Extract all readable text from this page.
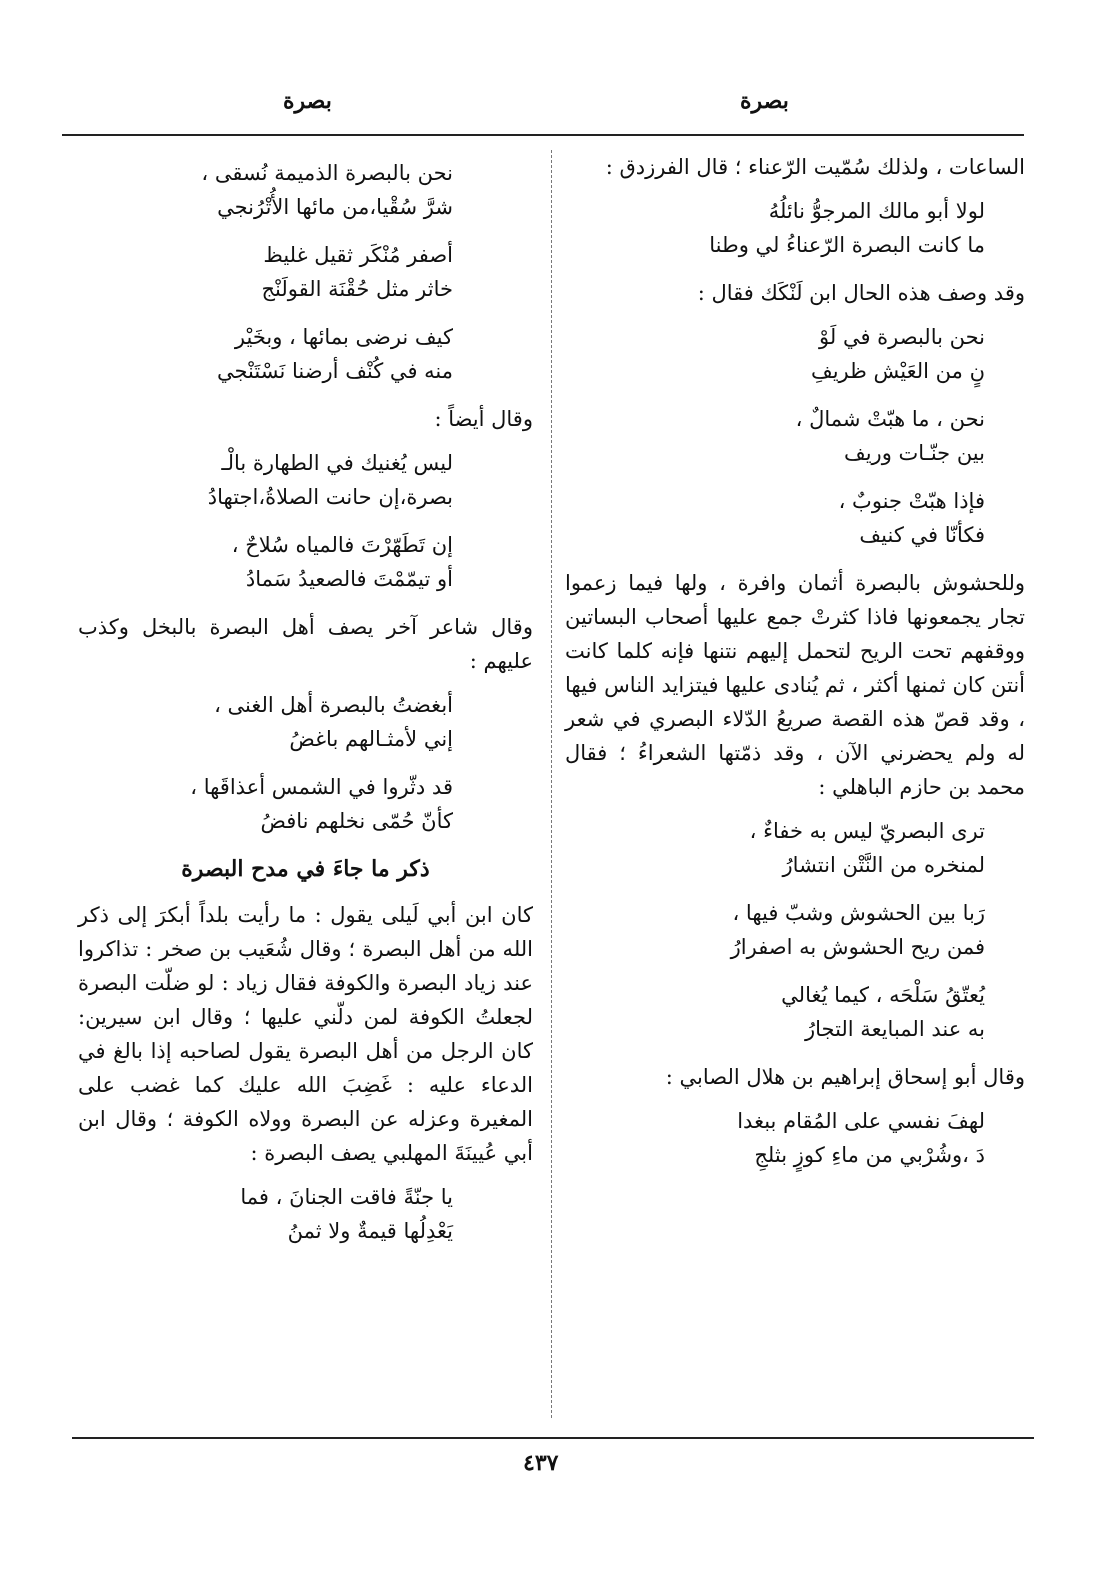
بصرة
بصرة

الساعات ، ولذلك سُمّيت الرّعناء ؛ قال الفرزدق :

لولا أبو مالك المرجوُّ نائلُهُ
ما كانت البصرة الرّعناءُ لي وطنا

وقد وصف هذه الحال ابن لَنْكَك فقال :

نحن بالبصرة في لَوْ
نٍ من العَيْش ظريفِ
نحن ، ما هبّتْ شمالٌ ،
بين جنّـات وريف
فإذا هبّتْ جنوبٌ ،
فكأنّا في كنيف

وللحشوش بالبصرة أثمان وافرة ، ولها فيما زعموا تجار يجمعونها فاذا كثرتْ جمع عليها أصحاب البساتين ووقفهم تحت الريح لتحمل إليهم نتنها فإنه كلما كانت أنتن كان ثمنها أكثر ، ثم يُنادى عليها فيتزايد الناس فيها ، وقد قصّ هذه القصة صريعُ الدّلاء البصري في شعر له ولم يحضرني الآن ، وقد ذمّتها الشعراءُ ؛ فقال محمد بن حازم الباهلي :

ترى البصريّ ليس به خفاءٌ ،
لمنخره من النَّتْن انتشارُ
رَبا بين الحشوش وشبّ فيها ،
فمن ريح الحشوش به اصفرارُ
يُعتّقُ سَلْحَه ، كيما يُغالي
به عند المبايعة التجارُ

وقال أبو إسحاق إبراهيم بن هلال الصابي :

لهفَ نفسي على المُقام ببغدا
دَ ،وشُرْبي من ماءِ كوزٍ بثلجِ
نحن بالبصرة الذميمة نُسقى ،
شرَّ سُقْيا،من مائها الأُتْرُنجي
أصفر مُنْكَر ثقيل غليظ
خاثر مثل حُقْنَة القولَنْج
كيف نرضى بمائها ، وبخَيْر
منه في كُنْف أرضنا نَسْتَنْجي

وقال أيضاً :

ليس يُغنيك في الطهارة بالْـ
بصرة،إن حانت الصلاةُ،اجتهادُ
إن تَطَهّرْتَ فالمياه سُلاحٌ ،
أو تيمّمْتَ فالصعيدُ سَمادُ

وقال شاعر آخر يصف أهل البصرة بالبخل وكذب عليهم :

أبغضتُ بالبصرة أهل الغنى ،
إني لأمثـالهم باغضُ
قد دثّروا في الشمس أعذاقَها ،
كأنّ حُمّى نخلهم نافضُ
ذكر ما جاءَ في مدح البصرة

كان ابن أبي لَيلى يقول : ما رأيت بلداً أبكرَ إلى ذكر الله من أهل البصرة ؛ وقال شُعَيب بن صخر : تذاكروا عند زياد البصرة والكوفة فقال زياد : لو ضلّت البصرة لجعلتُ الكوفة لمن دلّني عليها ؛ وقال ابن سيرين: كان الرجل من أهل البصرة يقول لصاحبه إذا بالغ في الدعاء عليه : غَضِبَ الله عليك كما غضب على المغيرة وعزله عن البصرة وولاه الكوفة ؛ وقال ابن أبي عُيينَةَ المهلبي يصف البصرة :

يا جنّةً فاقت الجنانَ ، فما
يَعْدِلُها قيمةٌ ولا ثمنُ
٤٣٧
